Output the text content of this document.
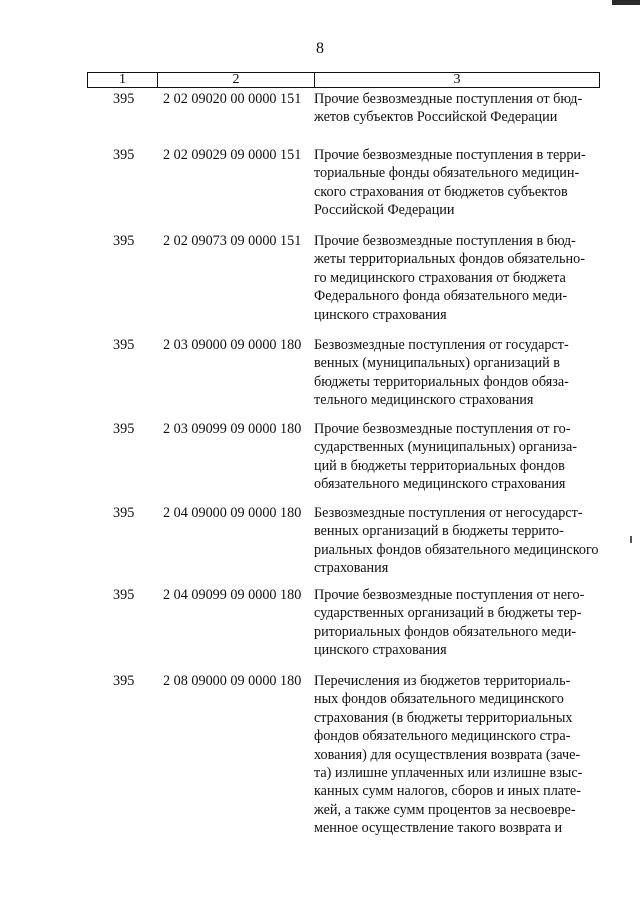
8
1	2	3
395	2 02 09020 00 0000 151 Прочие безвозмездные поступления от бюд-
жетов субъектов Российской Федерации
395	2 02 09029 09 0000 151 Прочие безвозмездные поступления в терри-
ториальные фонды обязательного медицин-
ского страхования от бюджетов субъектов
Российской Федерации
395	2 02 09073 09 0000 151 Прочие безвозмездные поступления в бюд-
жеты территориальных фондов обязательно-
го медицинского страхования от бюджета
Федерального фонда обязательного меди-
цинского страхования
395	2 03 09000 09 0000 180 Безвозмездные поступления от государст-
венных (муниципальных) организаций в
бюджеты территориальных фондов обяза-
тельного медицинского страхования
395	2 03 09099 09 0000 180 Прочие безвозмездные поступления от го-
сударственных (муниципальных) организа-
ций в бюджеты территориальных фондов
обязательного медицинского страхования
395	2 04 09000 09 0000 180 Безвозмездные поступления от негосударст-
венных организаций в бюджеты террито-
риальных фондов обязательного медицинского
страхования
395	2 04 09099 09 0000 180 Прочие безвозмездные поступления от него-
сударственных организаций в бюджеты тер-
риториальных фондов обязательного меди-
цинского страхования
395	2 08 09000 09 0000 180 Перечисления из бюджетов территориаль-
ных фондов обязательного медицинского
страхования (в бюджеты территориальных
фондов обязательного медицинского стра-
хования) для осуществления возврата (заче-
та) излишне уплаченных или излишне взыс-
канных сумм налогов, сборов и иных плате-
жей, а также сумм процентов за несвоевре-
менное осуществление такого возврата и
